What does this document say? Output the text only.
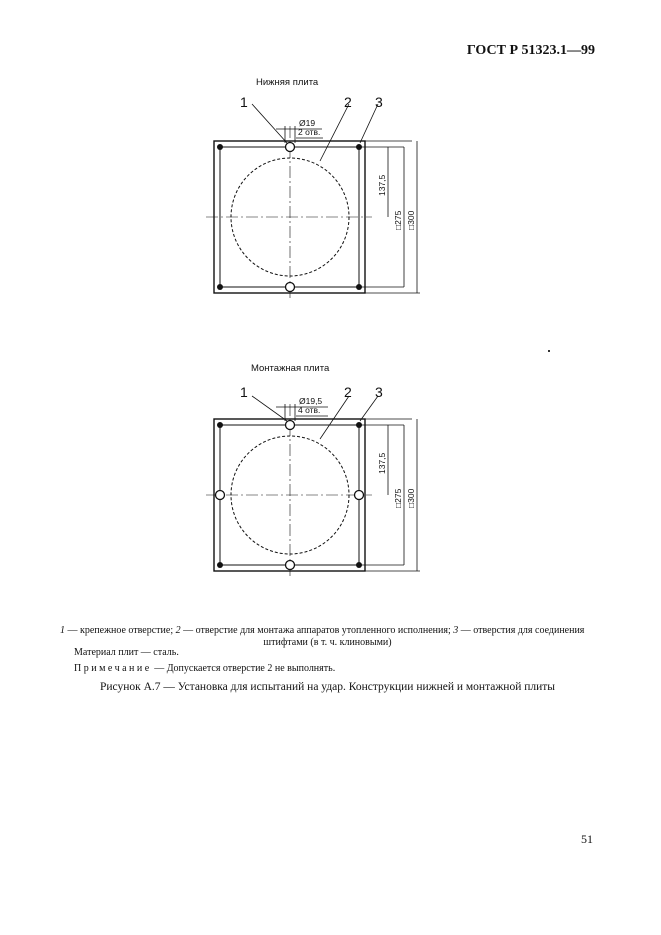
ГОСТ Р 51323.1—99
Нижняя плита
1	2 3
Ø19
2 отв.
137,5
□275 □300
Монтажная плита
1	2 3
Ø19,5
4 отв.
137,5
□275 □300
1 — крепежное отверстие; 2 — отверстие для монтажа аппаратов утопленного исполнения; 3 — отверстия для соединения
штифтами (в т. ч. клиновыми)
Материал плит — сталь.
Примечание — Допускается отверстие 2 не выполнять.
Рисунок А.7 — Установка для испытаний на удар. Конструкции нижней и монтажной плиты
51
